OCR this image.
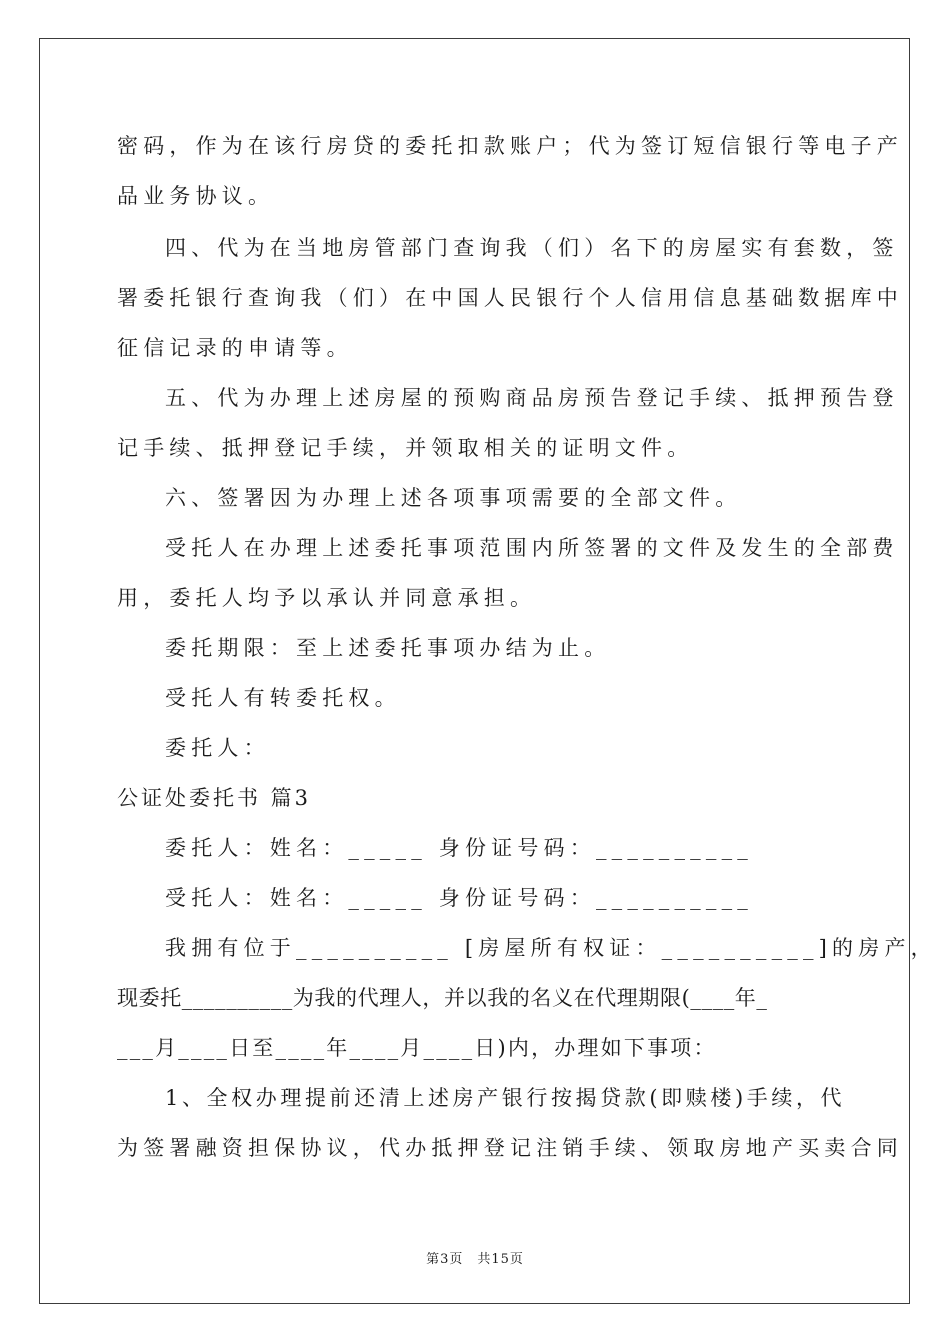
密码，作为在该行房贷的委托扣款账户；代为签订短信银行等电子产
品业务协议。
四、代为在当地房管部门查询我（们）名下的房屋实有套数，签
署委托银行查询我（们）在中国人民银行个人信用信息基础数据库中
征信记录的申请等。
五、代为办理上述房屋的预购商品房预告登记手续、抵押预告登
记手续、抵押登记手续，并领取相关的证明文件。
六、签署因为办理上述各项事项需要的全部文件。
受托人在办理上述委托事项范围内所签署的文件及发生的全部费
用，委托人均予以承认并同意承担。
委托期限：至上述委托事项办结为止。
受托人有转委托权。
委托人：
公证处委托书 篇3
委托人：姓名：_____ 身份证号码：__________
受托人：姓名：_____ 身份证号码：__________
我拥有位于__________ [房屋所有权证：__________]的房产，
现委托__________为我的代理人，并以我的名义在代理期限(____年_
___月____日至____年____月____日)内，办理如下事项：
1、全权办理提前还清上述房产银行按揭贷款(即赎楼)手续，代
为签署融资担保协议，代办抵押登记注销手续、领取房地产买卖合同
第3页　共15页
